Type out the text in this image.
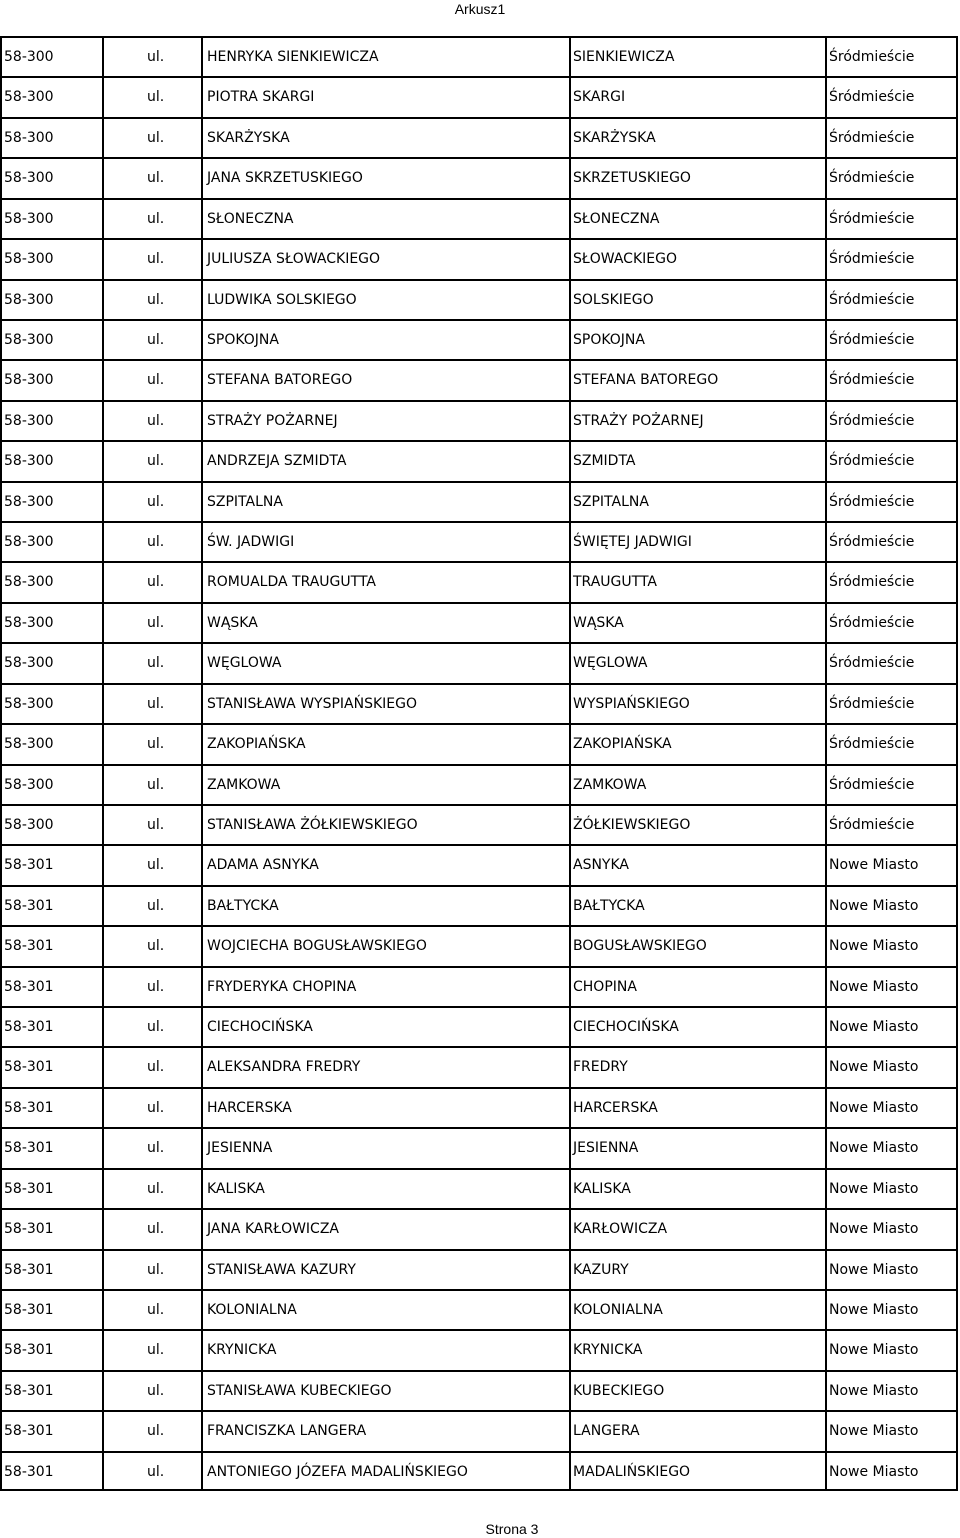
Arkusz1
58-300	ul.	HENRYKA SIENKIEWICZA	SIENKIEWICZA	Śródmieście
58-300	ul.	PIOTRA SKARGI	SKARGI	Śródmieście
58-300	ul.	SKARŻYSKA	SKARŻYSKA	Śródmieście
58-300	ul.	JANA SKRZETUSKIEGO	SKRZETUSKIEGO	Śródmieście
58-300	ul.	SŁONECZNA	SŁONECZNA	Śródmieście
58-300	ul.	JULIUSZA SŁOWACKIEGO	SŁOWACKIEGO	Śródmieście
58-300	ul.	LUDWIKA SOLSKIEGO	SOLSKIEGO	Śródmieście
58-300	ul.	SPOKOJNA	SPOKOJNA	Śródmieście
58-300	ul.	STEFANA BATOREGO	STEFANA BATOREGO	Śródmieście
58-300	ul.	STRAŻY POŻARNEJ	STRAŻY POŻARNEJ	Śródmieście
58-300	ul.	ANDRZEJA SZMIDTA	SZMIDTA	Śródmieście
58-300	ul.	SZPITALNA	SZPITALNA	Śródmieście
58-300	ul.	ŚW. JADWIGI	ŚWIĘTEJ JADWIGI	Śródmieście
58-300	ul.	ROMUALDA TRAUGUTTA	TRAUGUTTA	Śródmieście
58-300	ul.	WĄSKA	WĄSKA	Śródmieście
58-300	ul.	WĘGLOWA	WĘGLOWA	Śródmieście
58-300	ul.	STANISŁAWA WYSPIAŃSKIEGO	WYSPIAŃSKIEGO	Śródmieście
58-300	ul.	ZAKOPIAŃSKA	ZAKOPIAŃSKA	Śródmieście
58-300	ul.	ZAMKOWA	ZAMKOWA	Śródmieście
58-300	ul.	STANISŁAWA ŻÓŁKIEWSKIEGO	ŻÓŁKIEWSKIEGO	Śródmieście
58-301	ul.	ADAMA ASNYKA	ASNYKA	Nowe Miasto
58-301	ul.	BAŁTYCKA	BAŁTYCKA	Nowe Miasto
58-301	ul.	WOJCIECHA BOGUSŁAWSKIEGO	BOGUSŁAWSKIEGO	Nowe Miasto
58-301	ul.	FRYDERYKA CHOPINA	CHOPINA	Nowe Miasto
58-301	ul.	CIECHOCIŃSKA	CIECHOCIŃSKA	Nowe Miasto
58-301	ul.	ALEKSANDRA FREDRY	FREDRY	Nowe Miasto
58-301	ul.	HARCERSKA	HARCERSKA	Nowe Miasto
58-301	ul.	JESIENNA	JESIENNA	Nowe Miasto
58-301	ul.	KALISKA	KALISKA	Nowe Miasto
58-301	ul.	JANA KARŁOWICZA	KARŁOWICZA	Nowe Miasto
58-301	ul.	STANISŁAWA KAZURY	KAZURY	Nowe Miasto
58-301	ul.	KOLONIALNA	KOLONIALNA	Nowe Miasto
58-301	ul.	KRYNICKA	KRYNICKA	Nowe Miasto
58-301	ul.	STANISŁAWA KUBECKIEGO	KUBECKIEGO	Nowe Miasto
58-301	ul.	FRANCISZKA LANGERA	LANGERA	Nowe Miasto
58-301	ul.	ANTONIEGO JÓZEFA MADALIŃSKIEGO	MADALIŃSKIEGO	Nowe Miasto
Strona 3
